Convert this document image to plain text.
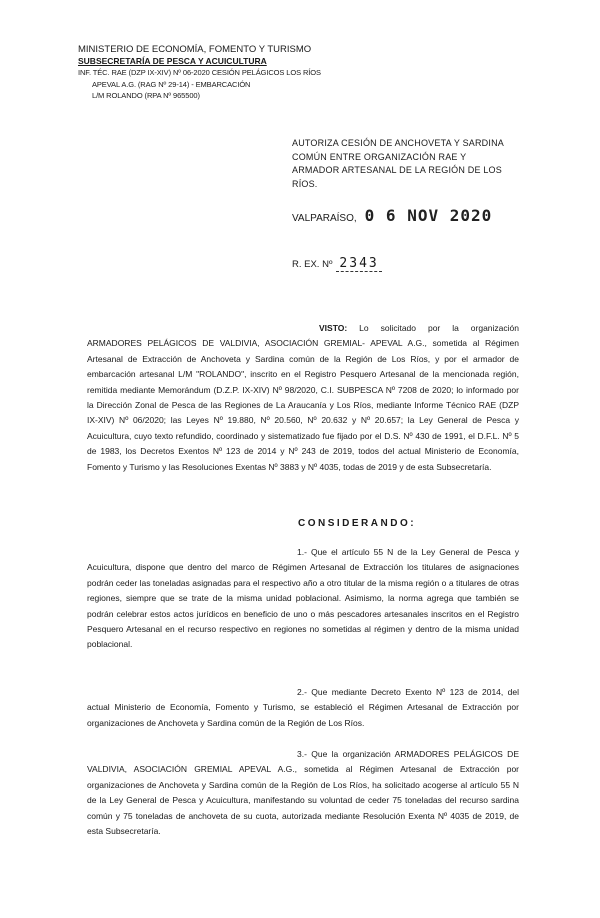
MINISTERIO DE ECONOMÍA, FOMENTO Y TURISMO
SUBSECRETARÍA DE PESCA Y ACUICULTURA
INF. TÉC. RAE (DZP IX-XIV) Nº 06-2020 CESIÓN PELÁGICOS LOS RÍOS
APEVAL A.G. (RAG Nº 29-14) - EMBARCACIÓN
L/M ROLANDO (RPA Nº 965500)
AUTORIZA CESIÓN DE ANCHOVETA Y SARDINA COMÚN ENTRE ORGANIZACIÓN RAE Y ARMADOR ARTESANAL DE LA REGIÓN DE LOS RÍOS.
VALPARAÍSO, 0 6 NOV 2020
R. EX. Nº 2343
VISTO: Lo solicitado por la organización ARMADORES PELÁGICOS DE VALDIVIA, ASOCIACIÓN GREMIAL- APEVAL A.G., sometida al Régimen Artesanal de Extracción de Anchoveta y Sardina común de la Región de Los Ríos, y por el armador de embarcación artesanal L/M "ROLANDO", inscrito en el Registro Pesquero Artesanal de la mencionada región, remitida mediante Memorándum (D.Z.P. IX-XIV) Nº 98/2020, C.I. SUBPESCA Nº 7208 de 2020; lo informado por la Dirección Zonal de Pesca de las Regiones de La Araucanía y Los Ríos, mediante Informe Técnico RAE (DZP IX-XIV) Nº 06/2020; las Leyes Nº 19.880, Nº 20.560, Nº 20.632 y Nº 20.657; la Ley General de Pesca y Acuicultura, cuyo texto refundido, coordinado y sistematizado fue fijado por el D.S. Nº 430 de 1991, el D.F.L. Nº 5 de 1983, los Decretos Exentos Nº 123 de 2014 y Nº 243 de 2019, todos del actual Ministerio de Economía, Fomento y Turismo y las Resoluciones Exentas Nº 3883 y Nº 4035, todas de 2019 y de esta Subsecretaría.
CONSIDERANDO:
1.- Que el artículo 55 N de la Ley General de Pesca y Acuicultura, dispone que dentro del marco de Régimen Artesanal de Extracción los titulares de asignaciones podrán ceder las toneladas asignadas para el respectivo año a otro titular de la misma región o a titulares de otras regiones, siempre que se trate de la misma unidad poblacional. Asimismo, la norma agrega que también se podrán celebrar estos actos jurídicos en beneficio de uno o más pescadores artesanales inscritos en el Registro Pesquero Artesanal en el recurso respectivo en regiones no sometidas al régimen y dentro de la misma unidad poblacional.
2.- Que mediante Decreto Exento Nº 123 de 2014, del actual Ministerio de Economía, Fomento y Turismo, se estableció el Régimen Artesanal de Extracción por organizaciones de Anchoveta y Sardina común de la Región de Los Ríos.
3.- Que la organización ARMADORES PELÁGICOS DE VALDIVIA, ASOCIACIÓN GREMIAL APEVAL A.G., sometida al Régimen Artesanal de Extracción por organizaciones de Anchoveta y Sardina común de la Región de Los Ríos, ha solicitado acogerse al artículo 55 N de la Ley General de Pesca y Acuicultura, manifestando su voluntad de ceder 75 toneladas del recurso sardina común y 75 toneladas de anchoveta de su cuota, autorizada mediante Resolución Exenta Nº 4035 de 2019, de esta Subsecretaría.
